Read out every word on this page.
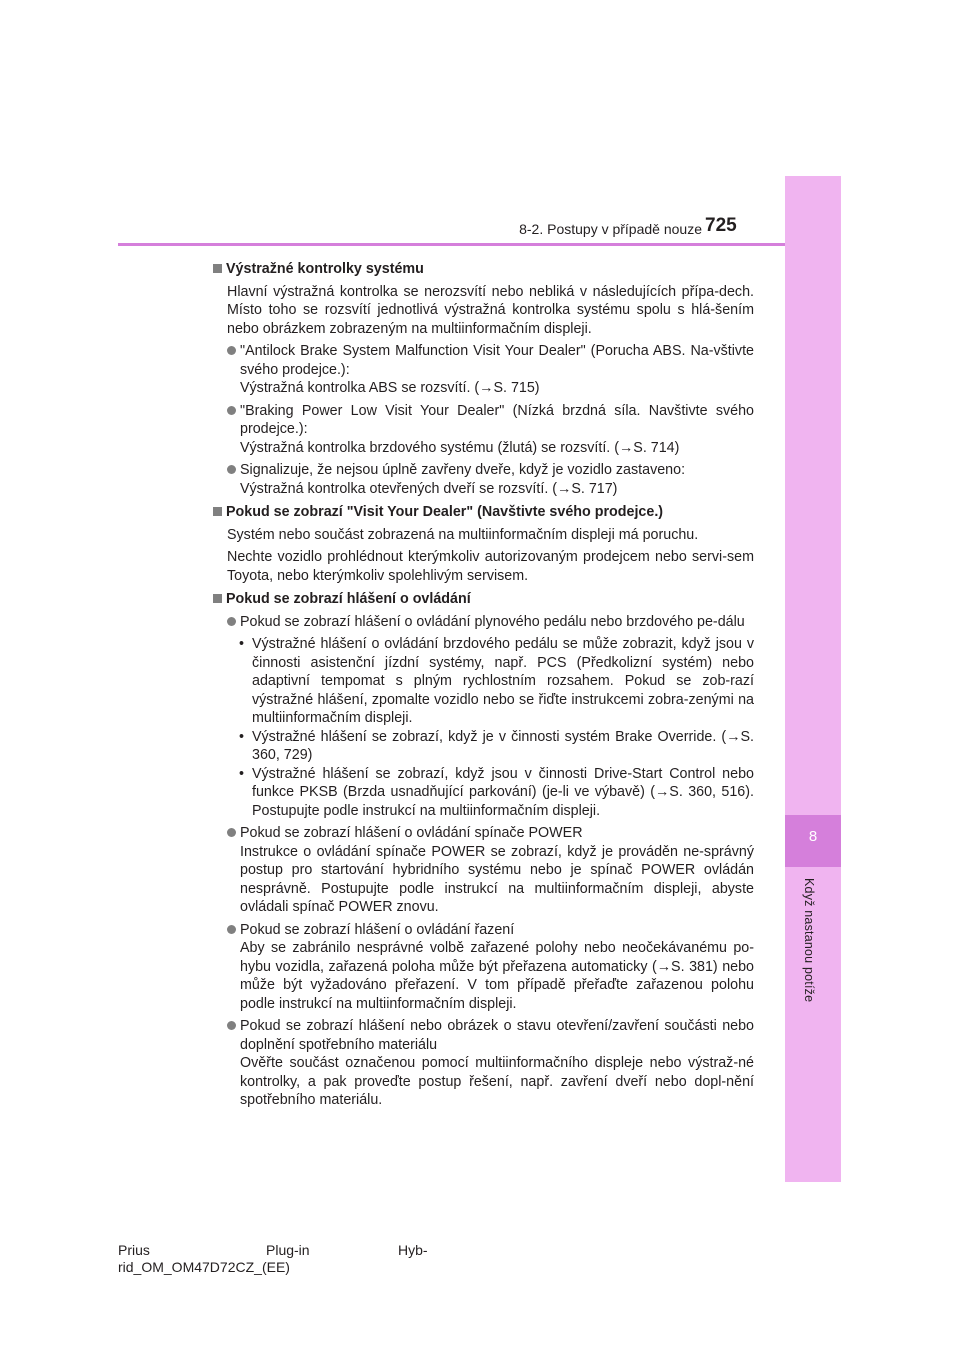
8
Když nastanou potíže
8-2. Postupy v případě nouze 725
Výstražné kontrolky systému
Hlavní výstražná kontrolka se nerozsvítí nebo nebliká v následujících přípa-dech. Místo toho se rozsvítí jednotlivá výstražná kontrolka systému spolu s hlá-šením nebo obrázkem zobrazeným na multiinformačním displeji.
"Antilock Brake System Malfunction Visit Your Dealer" (Porucha ABS. Na-vštivte svého prodejce.):
Výstražná kontrolka ABS se rozsvítí. (→S. 715)
"Braking Power Low Visit Your Dealer" (Nízká brzdná síla. Navštivte svého prodejce.):
Výstražná kontrolka brzdového systému (žlutá) se rozsvítí. (→S. 714)
Signalizuje, že nejsou úplně zavřeny dveře, když je vozidlo zastaveno:
Výstražná kontrolka otevřených dveří se rozsvítí. (→S. 717)
Pokud se zobrazí "Visit Your Dealer" (Navštivte svého prodejce.)
Systém nebo součást zobrazená na multiinformačním displeji má poruchu.
Nechte vozidlo prohlédnout kterýmkoliv autorizovaným prodejcem nebo servi-sem Toyota, nebo kterýmkoliv spolehlivým servisem.
Pokud se zobrazí hlášení o ovládání
Pokud se zobrazí hlášení o ovládání plynového pedálu nebo brzdového pe-dálu
• Výstražné hlášení o ovládání brzdového pedálu se může zobrazit, když jsou v činnosti asistenční jízdní systémy, např. PCS (Předkolizní systém) nebo adaptivní tempomat s plným rychlostním rozsahem. Pokud se zob-razí výstražné hlášení, zpomalte vozidlo nebo se řiďte instrukcemi zobra-zenými na multiinformačním displeji.
• Výstražné hlášení se zobrazí, když je v činnosti systém Brake Override. (→S. 360, 729)
• Výstražné hlášení se zobrazí, když jsou v činnosti Drive-Start Control nebo funkce PKSB (Brzda usnadňující parkování) (je-li ve výbavě) (→S. 360, 516). Postupujte podle instrukcí na multiinformačním displeji.
Pokud se zobrazí hlášení o ovládání spínače POWER
Instrukce o ovládání spínače POWER se zobrazí, když je prováděn ne-správný postup pro startování hybridního systému nebo je spínač POWER ovládán nesprávně. Postupujte podle instrukcí na multiinformačním displeji, abyste ovládali spínač POWER znovu.
Pokud se zobrazí hlášení o ovládání řazení
Aby se zabránilo nesprávné volbě zařazené polohy nebo neočekávanému po-hybu vozidla, zařazená poloha může být přeřazena automaticky (→S. 381) nebo může být vyžadováno přeřazení. V tom případě přeřaďte zařazenou polohu podle instrukcí na multiinformačním displeji.
Pokud se zobrazí hlášení nebo obrázek o stavu otevření/zavření součásti nebo doplnění spotřebního materiálu
Ověřte součást označenou pomocí multiinformačního displeje nebo výstraž-né kontrolky, a pak proveďte postup řešení, např. zavření dveří nebo dopl-nění spotřebního materiálu.
Prius	Plug-in	Hyb-
rid_OM_OM47D72CZ_(EE)
